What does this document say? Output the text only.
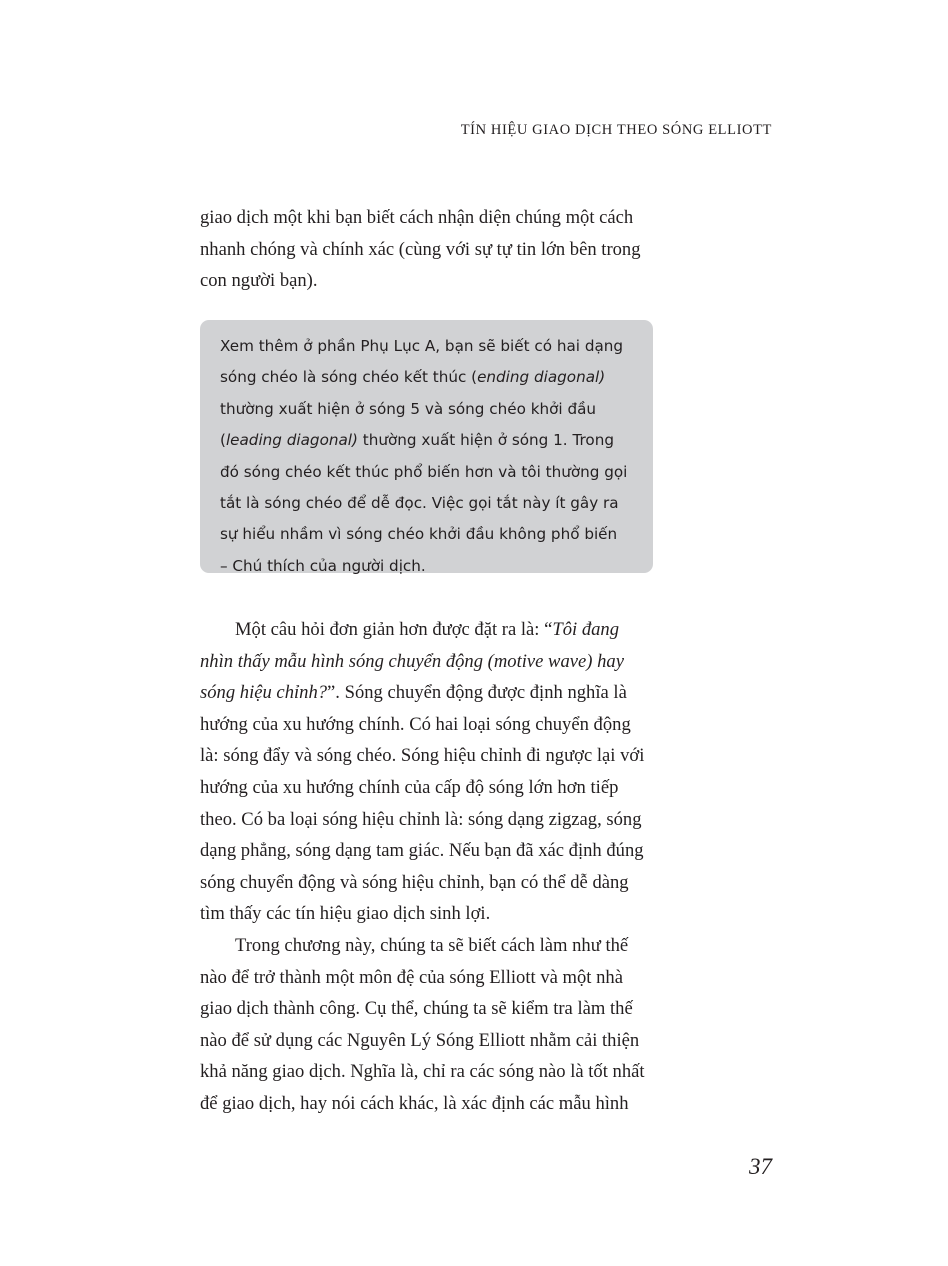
TÍN HIỆU GIAO DỊCH THEO SÓNG ELLIOTT
giao dịch một khi bạn biết cách nhận diện chúng một cách
nhanh chóng và chính xác (cùng với sự tự tin lớn bên trong
con người bạn).
Xem thêm ở phần Phụ Lục A, bạn sẽ biết có hai dạng
sóng chéo là sóng chéo kết thúc (ending diagonal)
thường xuất hiện ở sóng 5 và sóng chéo khởi đầu
(leading diagonal) thường xuất hiện ở sóng 1. Trong
đó sóng chéo kết thúc phổ biến hơn và tôi thường gọi
tắt là sóng chéo để dễ đọc. Việc gọi tắt này ít gây ra
sự hiểu nhầm vì sóng chéo khởi đầu không phổ biến
– Chú thích của người dịch.
Một câu hỏi đơn giản hơn được đặt ra là: “Tôi đang
nhìn thấy mẫu hình sóng chuyển động (motive wave) hay
sóng hiệu chỉnh?”. Sóng chuyển động được định nghĩa là
hướng của xu hướng chính. Có hai loại sóng chuyển động
là: sóng đẩy và sóng chéo. Sóng hiệu chỉnh đi ngược lại với
hướng của xu hướng chính của cấp độ sóng lớn hơn tiếp
theo. Có ba loại sóng hiệu chỉnh là: sóng dạng zigzag, sóng
dạng phẳng, sóng dạng tam giác. Nếu bạn đã xác định đúng
sóng chuyển động và sóng hiệu chỉnh, bạn có thể dễ dàng
tìm thấy các tín hiệu giao dịch sinh lợi.
Trong chương này, chúng ta sẽ biết cách làm như thế
nào để trở thành một môn đệ của sóng Elliott và một nhà
giao dịch thành công. Cụ thể, chúng ta sẽ kiểm tra làm thế
nào để sử dụng các Nguyên Lý Sóng Elliott nhằm cải thiện
khả năng giao dịch. Nghĩa là, chỉ ra các sóng nào là tốt nhất
để giao dịch, hay nói cách khác, là xác định các mẫu hình
37
